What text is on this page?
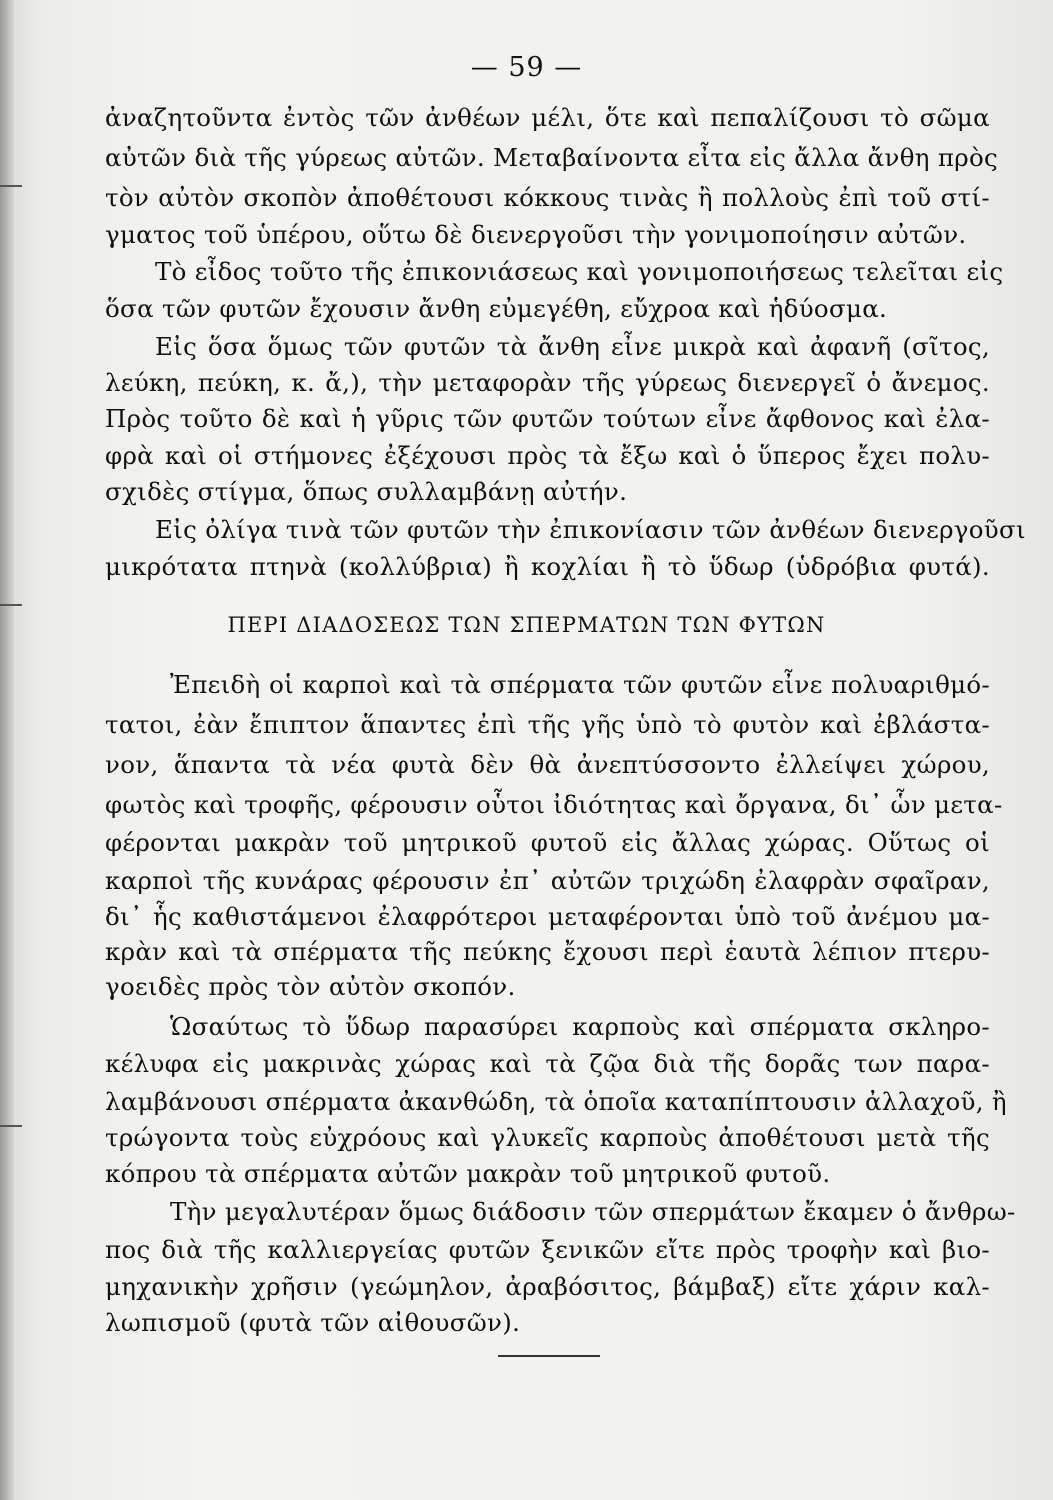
— 59 —
ἀναζητοῦντα ἐντὸς τῶν ἀνθέων μέλι, ὅτε καὶ πεπαλίζουσι τὸ σῶμα
αὐτῶν διὰ τῆς γύρεως αὐτῶν. Μεταβαίνοντα εἶτα εἰς ἄλλα ἄνθη πρὸς
τὸν αὐτὸν σκοπὸν ἀποθέτουσι κόκκους τινὰς ἢ πολλοὺς ἐπὶ τοῦ στί-
γματος τοῦ ὑπέρου, οὕτω δὲ διενεργοῦσι τὴν γονιμοποίησιν αὐτῶν.
Τὸ εἶδος τοῦτο τῆς ἐπικονιάσεως καὶ γονιμοποιήσεως τελεῖται εἰς
ὅσα τῶν φυτῶν ἔχουσιν ἄνθη εὐμεγέθη, εὔχροα καὶ ἡδύοσμα.
Εἰς ὅσα ὅμως τῶν φυτῶν τὰ ἄνθη εἶνε μικρὰ καὶ ἀφανῆ (σῖτος,
λεύκη, πεύκη, κ. ἄ,), τὴν μεταφορὰν τῆς γύρεως διενεργεῖ ὁ ἄνεμος.
Πρὸς τοῦτο δὲ καὶ ἡ γῦρις τῶν φυτῶν τούτων εἶνε ἄφθονος καὶ ἐλα-
φρὰ καὶ οἱ στήμονες ἐξέχουσι πρὸς τὰ ἔξω καὶ ὁ ὕπερος ἔχει πολυ-
σχιδὲς στίγμα, ὅπως συλλαμβάνῃ αὐτήν.
Εἰς ὀλίγα τινὰ τῶν φυτῶν τὴν ἐπικονίασιν τῶν ἀνθέων διενεργοῦσι
μικρότατα πτηνὰ (κολλύβρια) ἢ κοχλίαι ἢ τὸ ὕδωρ (ὑδρόβια φυτά).
ΠΕΡΙ ΔΙΑΔΟΣΕΩΣ ΤΩΝ ΣΠΕΡΜΑΤΩΝ ΤΩΝ ΦΥΤΩΝ
Ἐπειδὴ οἱ καρποὶ καὶ τὰ σπέρματα τῶν φυτῶν εἶνε πολυαριθμό-
τατοι, ἐὰν ἔπιπτον ἅπαντες ἐπὶ τῆς γῆς ὑπὸ τὸ φυτὸν καὶ ἐβλάστα-
νον, ἅπαντα τὰ νέα φυτὰ δὲν θὰ ἀνεπτύσσοντο ἐλλείψει χώρου,
φωτὸς καὶ τροφῆς, φέρουσιν οὗτοι ἰδιότητας καὶ ὄργανα, δι᾽ ὧν μετα-
φέρονται μακρὰν τοῦ μητρικοῦ φυτοῦ εἰς ἄλλας χώρας. Οὕτως οἱ
καρποὶ τῆς κυνάρας φέρουσιν ἐπ᾽ αὐτῶν τριχώδη ἐλαφρὰν σφαῖραν,
δι᾽ ἧς καθιστάμενοι ἐλαφρότεροι μεταφέρονται ὑπὸ τοῦ ἀνέμου μα-
κρὰν καὶ τὰ σπέρματα τῆς πεύκης ἔχουσι περὶ ἑαυτὰ λέπιον πτερυ-
γοειδὲς πρὸς τὸν αὐτὸν σκοπόν.
Ὡσαύτως τὸ ὕδωρ παρασύρει καρποὺς καὶ σπέρματα σκληρο-
κέλυφα εἰς μακρινὰς χώρας καὶ τὰ ζῷα διὰ τῆς δορᾶς των παρα-
λαμβάνουσι σπέρματα ἀκανθώδη, τὰ ὁποῖα καταπίπτουσιν ἀλλαχοῦ, ἢ
τρώγοντα τοὺς εὐχρόους καὶ γλυκεῖς καρποὺς ἀποθέτουσι μετὰ τῆς
κόπρου τὰ σπέρματα αὐτῶν μακρὰν τοῦ μητρικοῦ φυτοῦ.
Τὴν μεγαλυτέραν ὅμως διάδοσιν τῶν σπερμάτων ἔκαμεν ὁ ἄνθρω-
πος διὰ τῆς καλλιεργείας φυτῶν ξενικῶν εἴτε πρὸς τροφὴν καὶ βιο-
μηχανικὴν χρῆσιν (γεώμηλον, ἀραβόσιτος, βάμβαξ) εἴτε χάριν καλ-
λωπισμοῦ (φυτὰ τῶν αἰθουσῶν).
